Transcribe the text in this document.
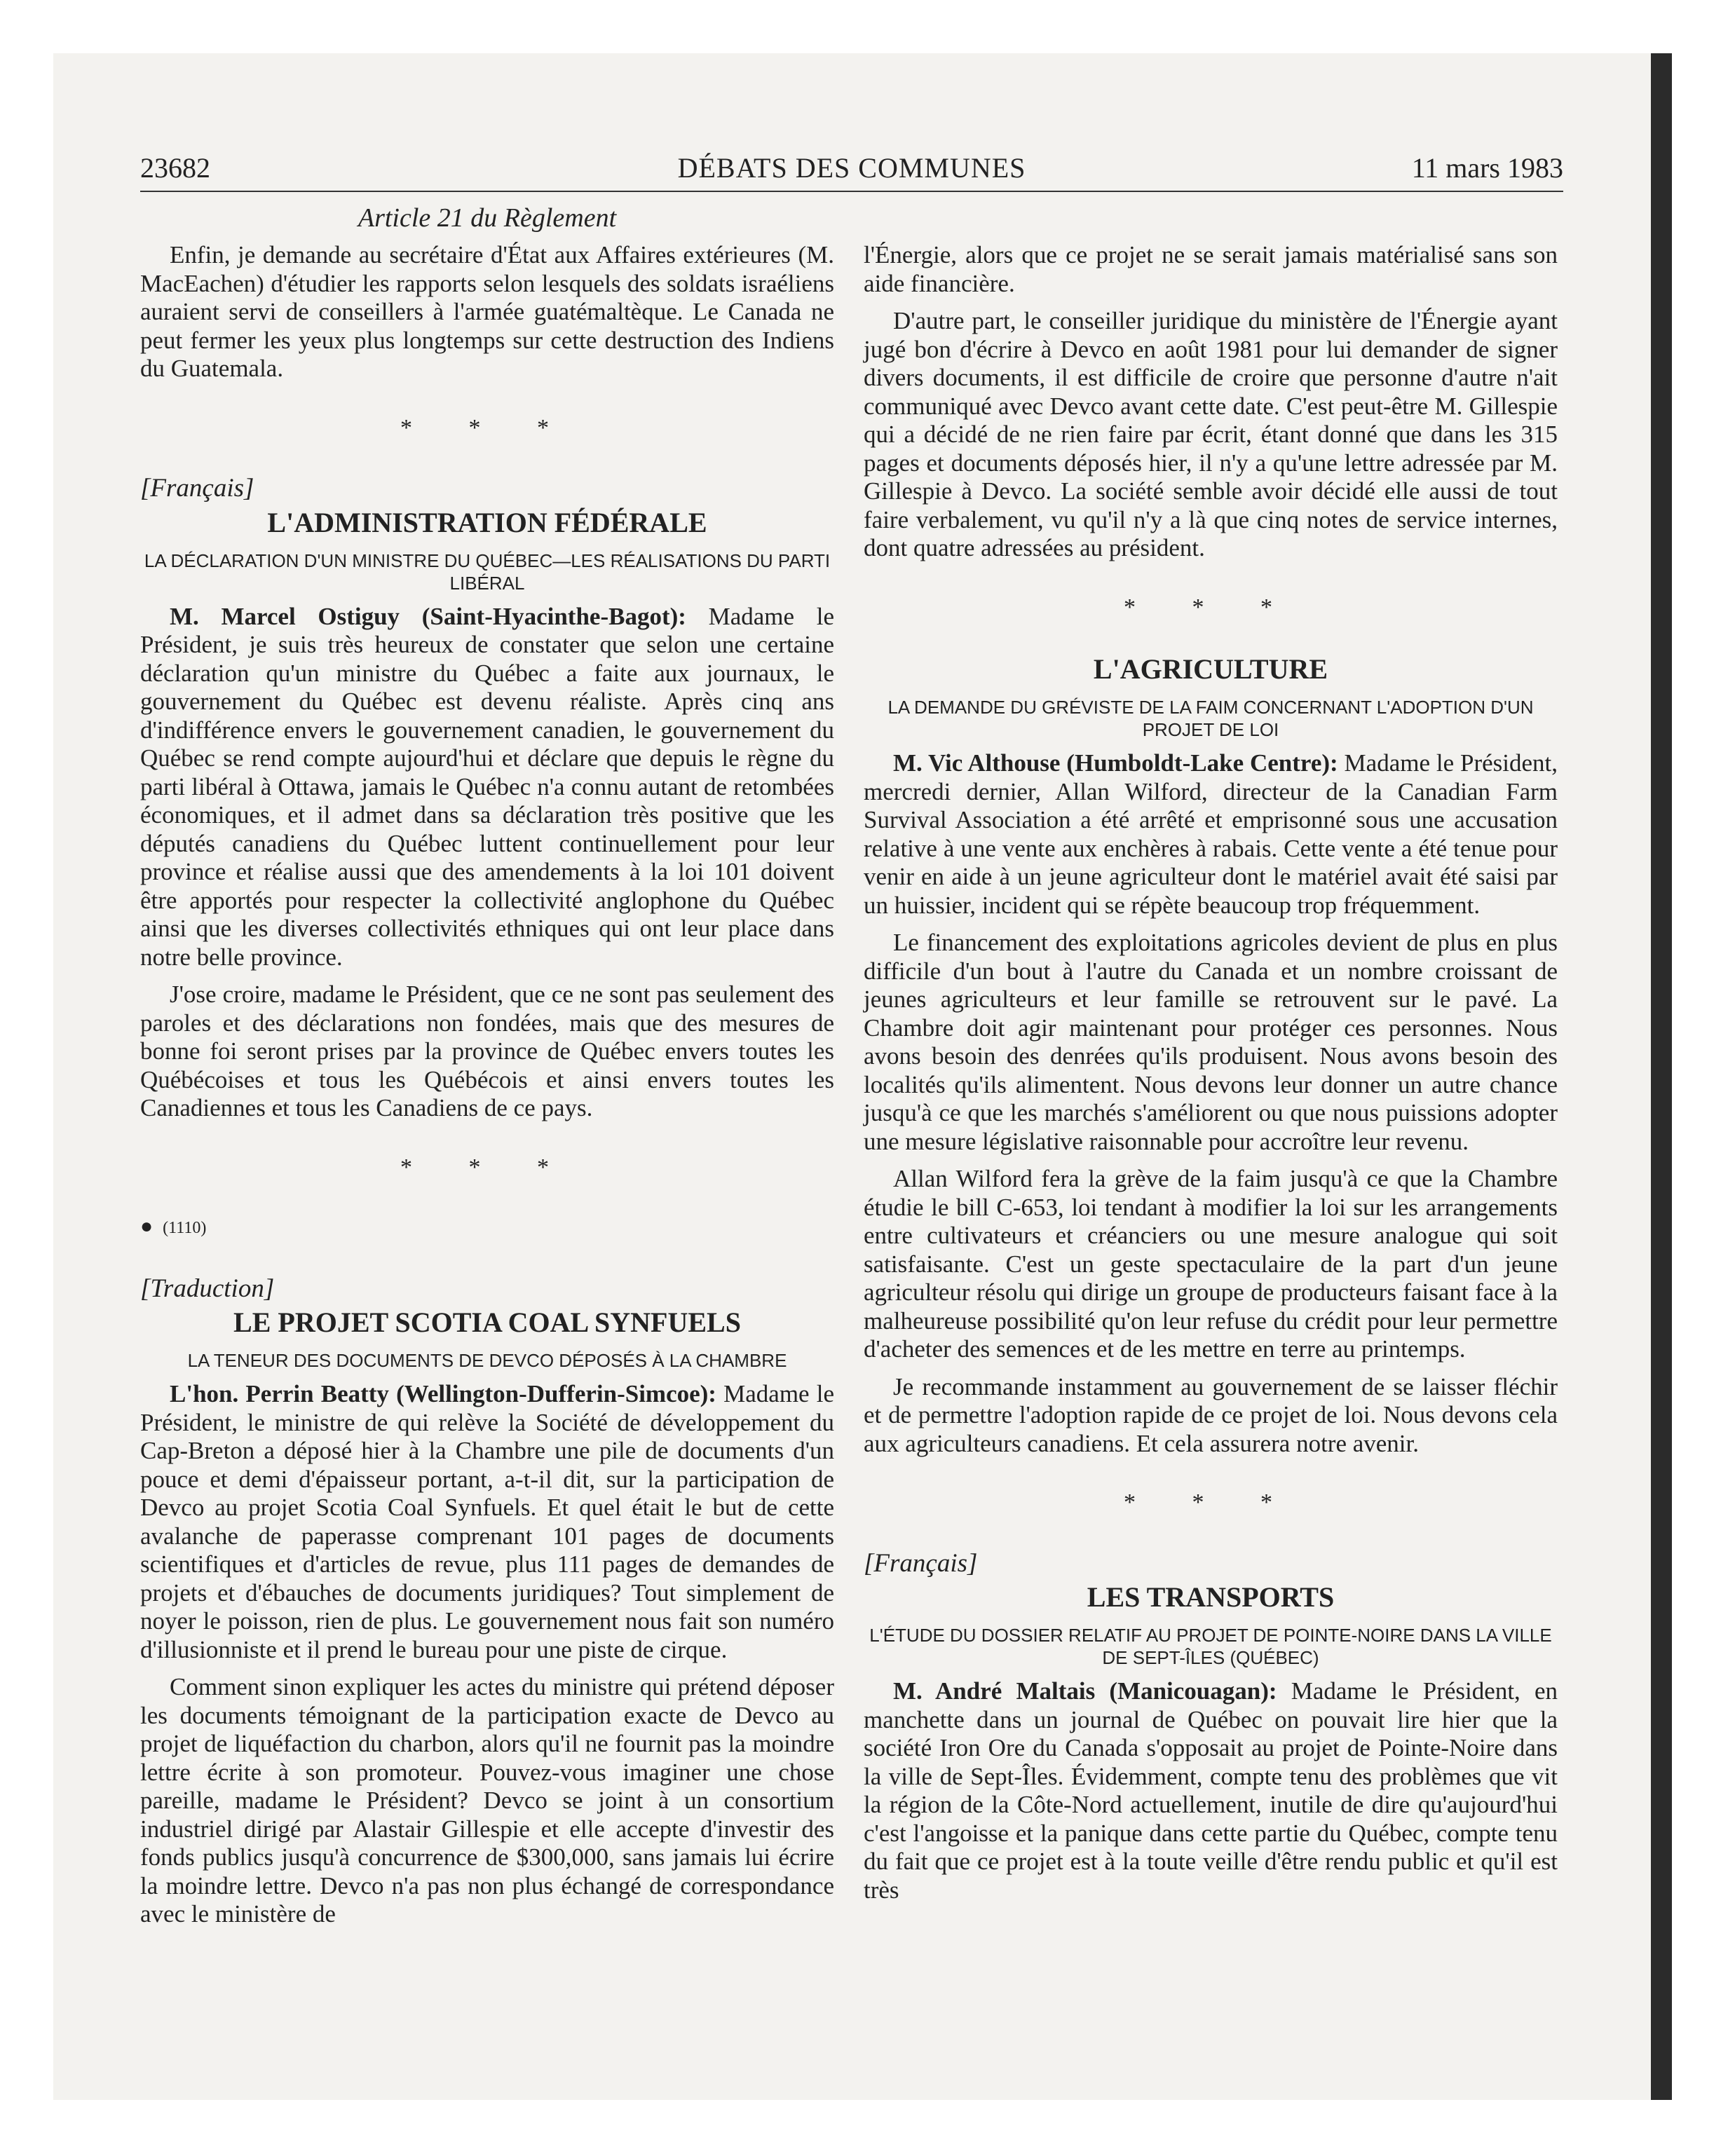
23682	DÉBATS DES COMMUNES	11 mars 1983
Article 21 du Règlement

Enfin, je demande au secrétaire d'État aux Affaires extérieures (M. MacEachen) d'étudier les rapports selon lesquels des soldats israéliens auraient servi de conseillers à l'armée guatémaltèque. Le Canada ne peut fermer les yeux plus longtemps sur cette destruction des Indiens du Guatemala.

* * *
[Français]
L'ADMINISTRATION FÉDÉRALE
LA DÉCLARATION D'UN MINISTRE DU QUÉBEC—LES RÉALISATIONS DU PARTI LIBÉRAL

M. Marcel Ostiguy (Saint-Hyacinthe-Bagot): Madame le Président, je suis très heureux de constater que selon une certaine déclaration qu'un ministre du Québec a faite aux journaux, le gouvernement du Québec est devenu réaliste. Après cinq ans d'indifférence envers le gouvernement canadien, le gouvernement du Québec se rend compte aujourd'hui et déclare que depuis le règne du parti libéral à Ottawa, jamais le Québec n'a connu autant de retombées économiques, et il admet dans sa déclaration très positive que les députés canadiens du Québec luttent continuellement pour leur province et réalise aussi que des amendements à la loi 101 doivent être apportés pour respecter la collectivité anglophone du Québec ainsi que les diverses collectivités ethniques qui ont leur place dans notre belle province.

J'ose croire, madame le Président, que ce ne sont pas seulement des paroles et des déclarations non fondées, mais que des mesures de bonne foi seront prises par la province de Québec envers toutes les Québécoises et tous les Québécois et ainsi envers toutes les Canadiennes et tous les Canadiens de ce pays.

* * *
● (1110)
[Traduction]
LE PROJET SCOTIA COAL SYNFUELS
LA TENEUR DES DOCUMENTS DE DEVCO DÉPOSÉS À LA CHAMBRE

L'hon. Perrin Beatty (Wellington-Dufferin-Simcoe): Madame le Président, le ministre de qui relève la Société de développement du Cap-Breton a déposé hier à la Chambre une pile de documents d'un pouce et demi d'épaisseur portant, a-t-il dit, sur la participation de Devco au projet Scotia Coal Synfuels. Et quel était le but de cette avalanche de paperasse comprenant 101 pages de documents scientifiques et d'articles de revue, plus 111 pages de demandes de projets et d'ébauches de documents juridiques? Tout simplement de noyer le poisson, rien de plus. Le gouvernement nous fait son numéro d'illusionniste et il prend le bureau pour une piste de cirque.

Comment sinon expliquer les actes du ministre qui prétend déposer les documents témoignant de la participation exacte de Devco au projet de liquéfaction du charbon, alors qu'il ne fournit pas la moindre lettre écrite à son promoteur. Pouvez-vous imaginer une chose pareille, madame le Président? Devco se joint à un consortium industriel dirigé par Alastair Gillespie et elle accepte d'investir des fonds publics jusqu'à concurrence de $300,000, sans jamais lui écrire la moindre lettre. Devco n'a pas non plus échangé de correspondance avec le ministère de

l'Énergie, alors que ce projet ne se serait jamais matérialisé sans son aide financière.

D'autre part, le conseiller juridique du ministère de l'Énergie ayant jugé bon d'écrire à Devco en août 1981 pour lui demander de signer divers documents, il est difficile de croire que personne d'autre n'ait communiqué avec Devco avant cette date. C'est peut-être M. Gillespie qui a décidé de ne rien faire par écrit, étant donné que dans les 315 pages et documents déposés hier, il n'y a qu'une lettre adressée par M. Gillespie à Devco. La société semble avoir décidé elle aussi de tout faire verbalement, vu qu'il n'y a là que cinq notes de service internes, dont quatre adressées au président.

* * *
L'AGRICULTURE
LA DEMANDE DU GRÉVISTE DE LA FAIM CONCERNANT L'ADOPTION D'UN PROJET DE LOI

M. Vic Althouse (Humboldt-Lake Centre): Madame le Président, mercredi dernier, Allan Wilford, directeur de la Canadian Farm Survival Association a été arrêté et emprisonné sous une accusation relative à une vente aux enchères à rabais. Cette vente a été tenue pour venir en aide à un jeune agriculteur dont le matériel avait été saisi par un huissier, incident qui se répète beaucoup trop fréquemment.

Le financement des exploitations agricoles devient de plus en plus difficile d'un bout à l'autre du Canada et un nombre croissant de jeunes agriculteurs et leur famille se retrouvent sur le pavé. La Chambre doit agir maintenant pour protéger ces personnes. Nous avons besoin des denrées qu'ils produisent. Nous avons besoin des localités qu'ils alimentent. Nous devons leur donner un autre chance jusqu'à ce que les marchés s'améliorent ou que nous puissions adopter une mesure législative raisonnable pour accroître leur revenu.

Allan Wilford fera la grève de la faim jusqu'à ce que la Chambre étudie le bill C-653, loi tendant à modifier la loi sur les arrangements entre cultivateurs et créanciers ou une mesure analogue qui soit satisfaisante. C'est un geste spectaculaire de la part d'un jeune agriculteur résolu qui dirige un groupe de producteurs faisant face à la malheureuse possibilité qu'on leur refuse du crédit pour leur permettre d'acheter des semences et de les mettre en terre au printemps.

Je recommande instamment au gouvernement de se laisser fléchir et de permettre l'adoption rapide de ce projet de loi. Nous devons cela aux agriculteurs canadiens. Et cela assurera notre avenir.

* * *
[Français]
LES TRANSPORTS
L'ÉTUDE DU DOSSIER RELATIF AU PROJET DE POINTE-NOIRE DANS LA VILLE DE SEPT-ÎLES (QUÉBEC)

M. André Maltais (Manicouagan): Madame le Président, en manchette dans un journal de Québec on pouvait lire hier que la société Iron Ore du Canada s'opposait au projet de Pointe-Noire dans la ville de Sept-Îles. Évidemment, compte tenu des problèmes que vit la région de la Côte-Nord actuellement, inutile de dire qu'aujourd'hui c'est l'angoisse et la panique dans cette partie du Québec, compte tenu du fait que ce projet est à la toute veille d'être rendu public et qu'il est très
